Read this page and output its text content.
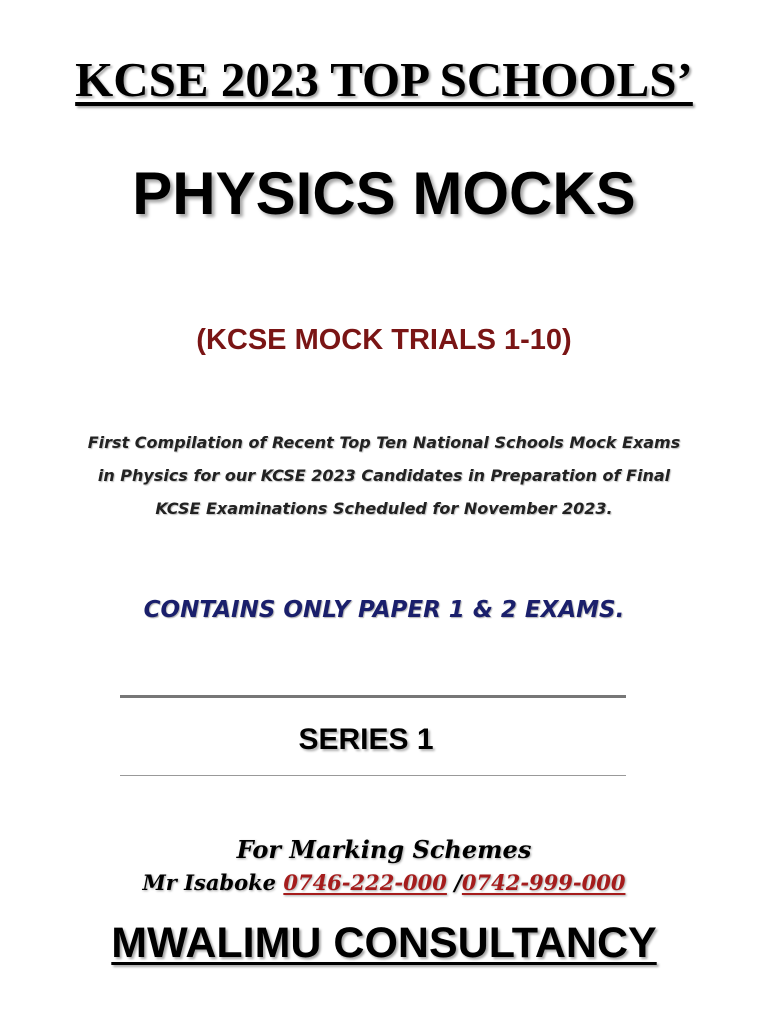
KCSE 2023 TOP SCHOOLS’
PHYSICS MOCKS
(KCSE MOCK TRIALS 1-10)
First Compilation of Recent Top Ten National Schools Mock Exams in Physics for our KCSE 2023 Candidates in Preparation of Final KCSE Examinations Scheduled for November 2023.
CONTAINS ONLY PAPER 1 & 2 EXAMS.
SERIES 1
For Marking Schemes
Mr Isaboke 0746-222-000 /0742-999-000
MWALIMU CONSULTANCY
